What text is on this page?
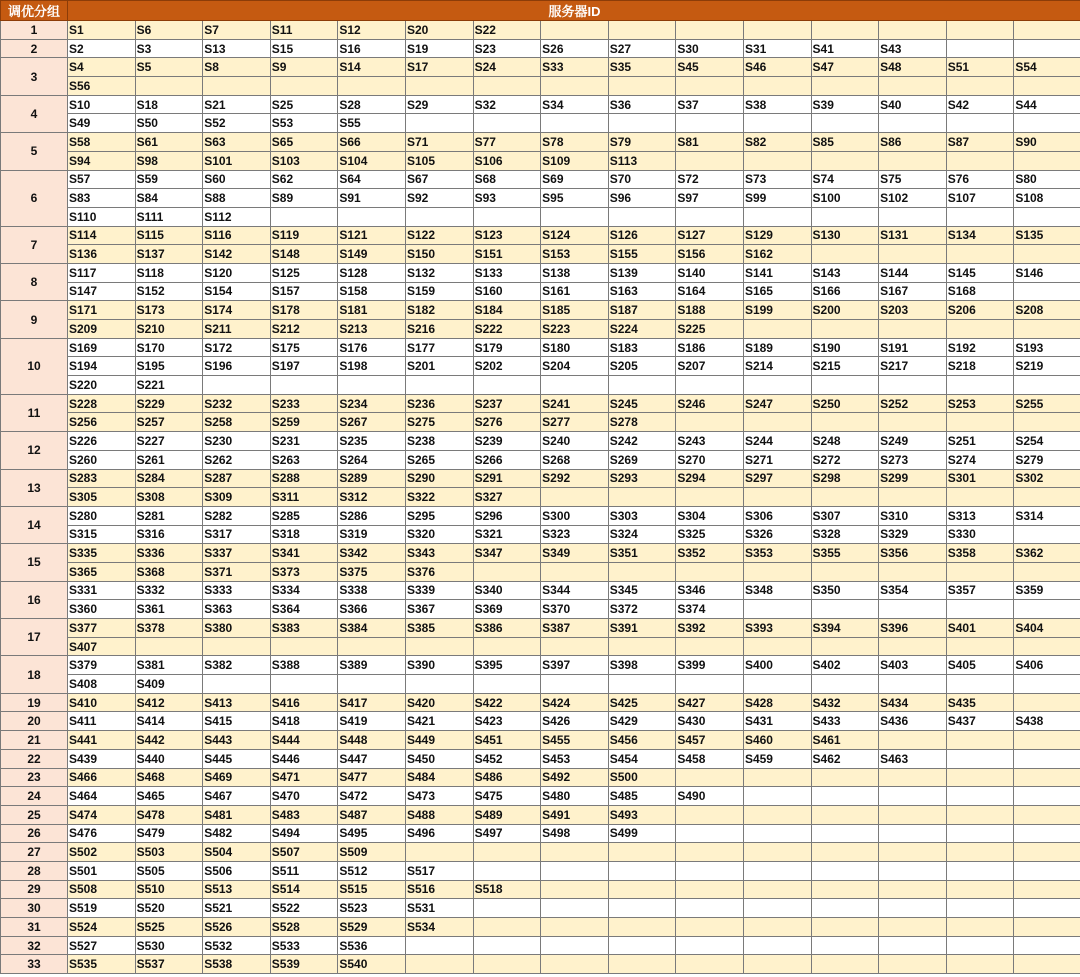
调优分组	服务器ID														
1	S1	S6	S7	S11	S12	S20	S22								
2	S2	S3	S13	S15	S16	S19	S23	S26	S27	S30	S31	S41	S43		
3	S4	S5	S8	S9	S14	S17	S24	S33	S35	S45	S46	S47	S48	S51	S54
	S56														
4	S10	S18	S21	S25	S28	S29	S32	S34	S36	S37	S38	S39	S40	S42	S44
	S49	S50	S52	S53	S55										
5	S58	S61	S63	S65	S66	S71	S77	S78	S79	S81	S82	S85	S86	S87	S90
	S94	S98	S101	S103	S104	S105	S106	S109	S113						
6	S57	S59	S60	S62	S64	S67	S68	S69	S70	S72	S73	S74	S75	S76	S80
	S83	S84	S88	S89	S91	S92	S93	S95	S96	S97	S99	S100	S102	S107	S108
	S110	S111	S112												
7	S114	S115	S116	S119	S121	S122	S123	S124	S126	S127	S129	S130	S131	S134	S135
	S136	S137	S142	S148	S149	S150	S151	S153	S155	S156	S162				
8	S117	S118	S120	S125	S128	S132	S133	S138	S139	S140	S141	S143	S144	S145	S146
	S147	S152	S154	S157	S158	S159	S160	S161	S163	S164	S165	S166	S167	S168	
9	S171	S173	S174	S178	S181	S182	S184	S185	S187	S188	S199	S200	S203	S206	S208
	S209	S210	S211	S212	S213	S216	S222	S223	S224	S225					
10	S169	S170	S172	S175	S176	S177	S179	S180	S183	S186	S189	S190	S191	S192	S193
	S194	S195	S196	S197	S198	S201	S202	S204	S205	S207	S214	S215	S217	S218	S219
	S220	S221													
11	S228	S229	S232	S233	S234	S236	S237	S241	S245	S246	S247	S250	S252	S253	S255
	S256	S257	S258	S259	S267	S275	S276	S277	S278						
12	S226	S227	S230	S231	S235	S238	S239	S240	S242	S243	S244	S248	S249	S251	S254
	S260	S261	S262	S263	S264	S265	S266	S268	S269	S270	S271	S272	S273	S274	S279
13	S283	S284	S287	S288	S289	S290	S291	S292	S293	S294	S297	S298	S299	S301	S302
	S305	S308	S309	S311	S312	S322	S327								
14	S280	S281	S282	S285	S286	S295	S296	S300	S303	S304	S306	S307	S310	S313	S314
	S315	S316	S317	S318	S319	S320	S321	S323	S324	S325	S326	S328	S329	S330	
15	S335	S336	S337	S341	S342	S343	S347	S349	S351	S352	S353	S355	S356	S358	S362
	S365	S368	S371	S373	S375	S376									
16	S331	S332	S333	S334	S338	S339	S340	S344	S345	S346	S348	S350	S354	S357	S359
	S360	S361	S363	S364	S366	S367	S369	S370	S372	S374					
17	S377	S378	S380	S383	S384	S385	S386	S387	S391	S392	S393	S394	S396	S401	S404
	S407														
18	S379	S381	S382	S388	S389	S390	S395	S397	S398	S399	S400	S402	S403	S405	S406
	S408	S409													
19	S410	S412	S413	S416	S417	S420	S422	S424	S425	S427	S428	S432	S434	S435	
20	S411	S414	S415	S418	S419	S421	S423	S426	S429	S430	S431	S433	S436	S437	S438
21	S441	S442	S443	S444	S448	S449	S451	S455	S456	S457	S460	S461			
22	S439	S440	S445	S446	S447	S450	S452	S453	S454	S458	S459	S462	S463		
23	S466	S468	S469	S471	S477	S484	S486	S492	S500						
24	S464	S465	S467	S470	S472	S473	S475	S480	S485	S490					
25	S474	S478	S481	S483	S487	S488	S489	S491	S493						
26	S476	S479	S482	S494	S495	S496	S497	S498	S499						
27	S502	S503	S504	S507	S509										
28	S501	S505	S506	S511	S512	S517									
29	S508	S510	S513	S514	S515	S516	S518								
30	S519	S520	S521	S522	S523	S531									
31	S524	S525	S526	S528	S529	S534									
32	S527	S530	S532	S533	S536										
33	S535	S537	S538	S539	S540										
